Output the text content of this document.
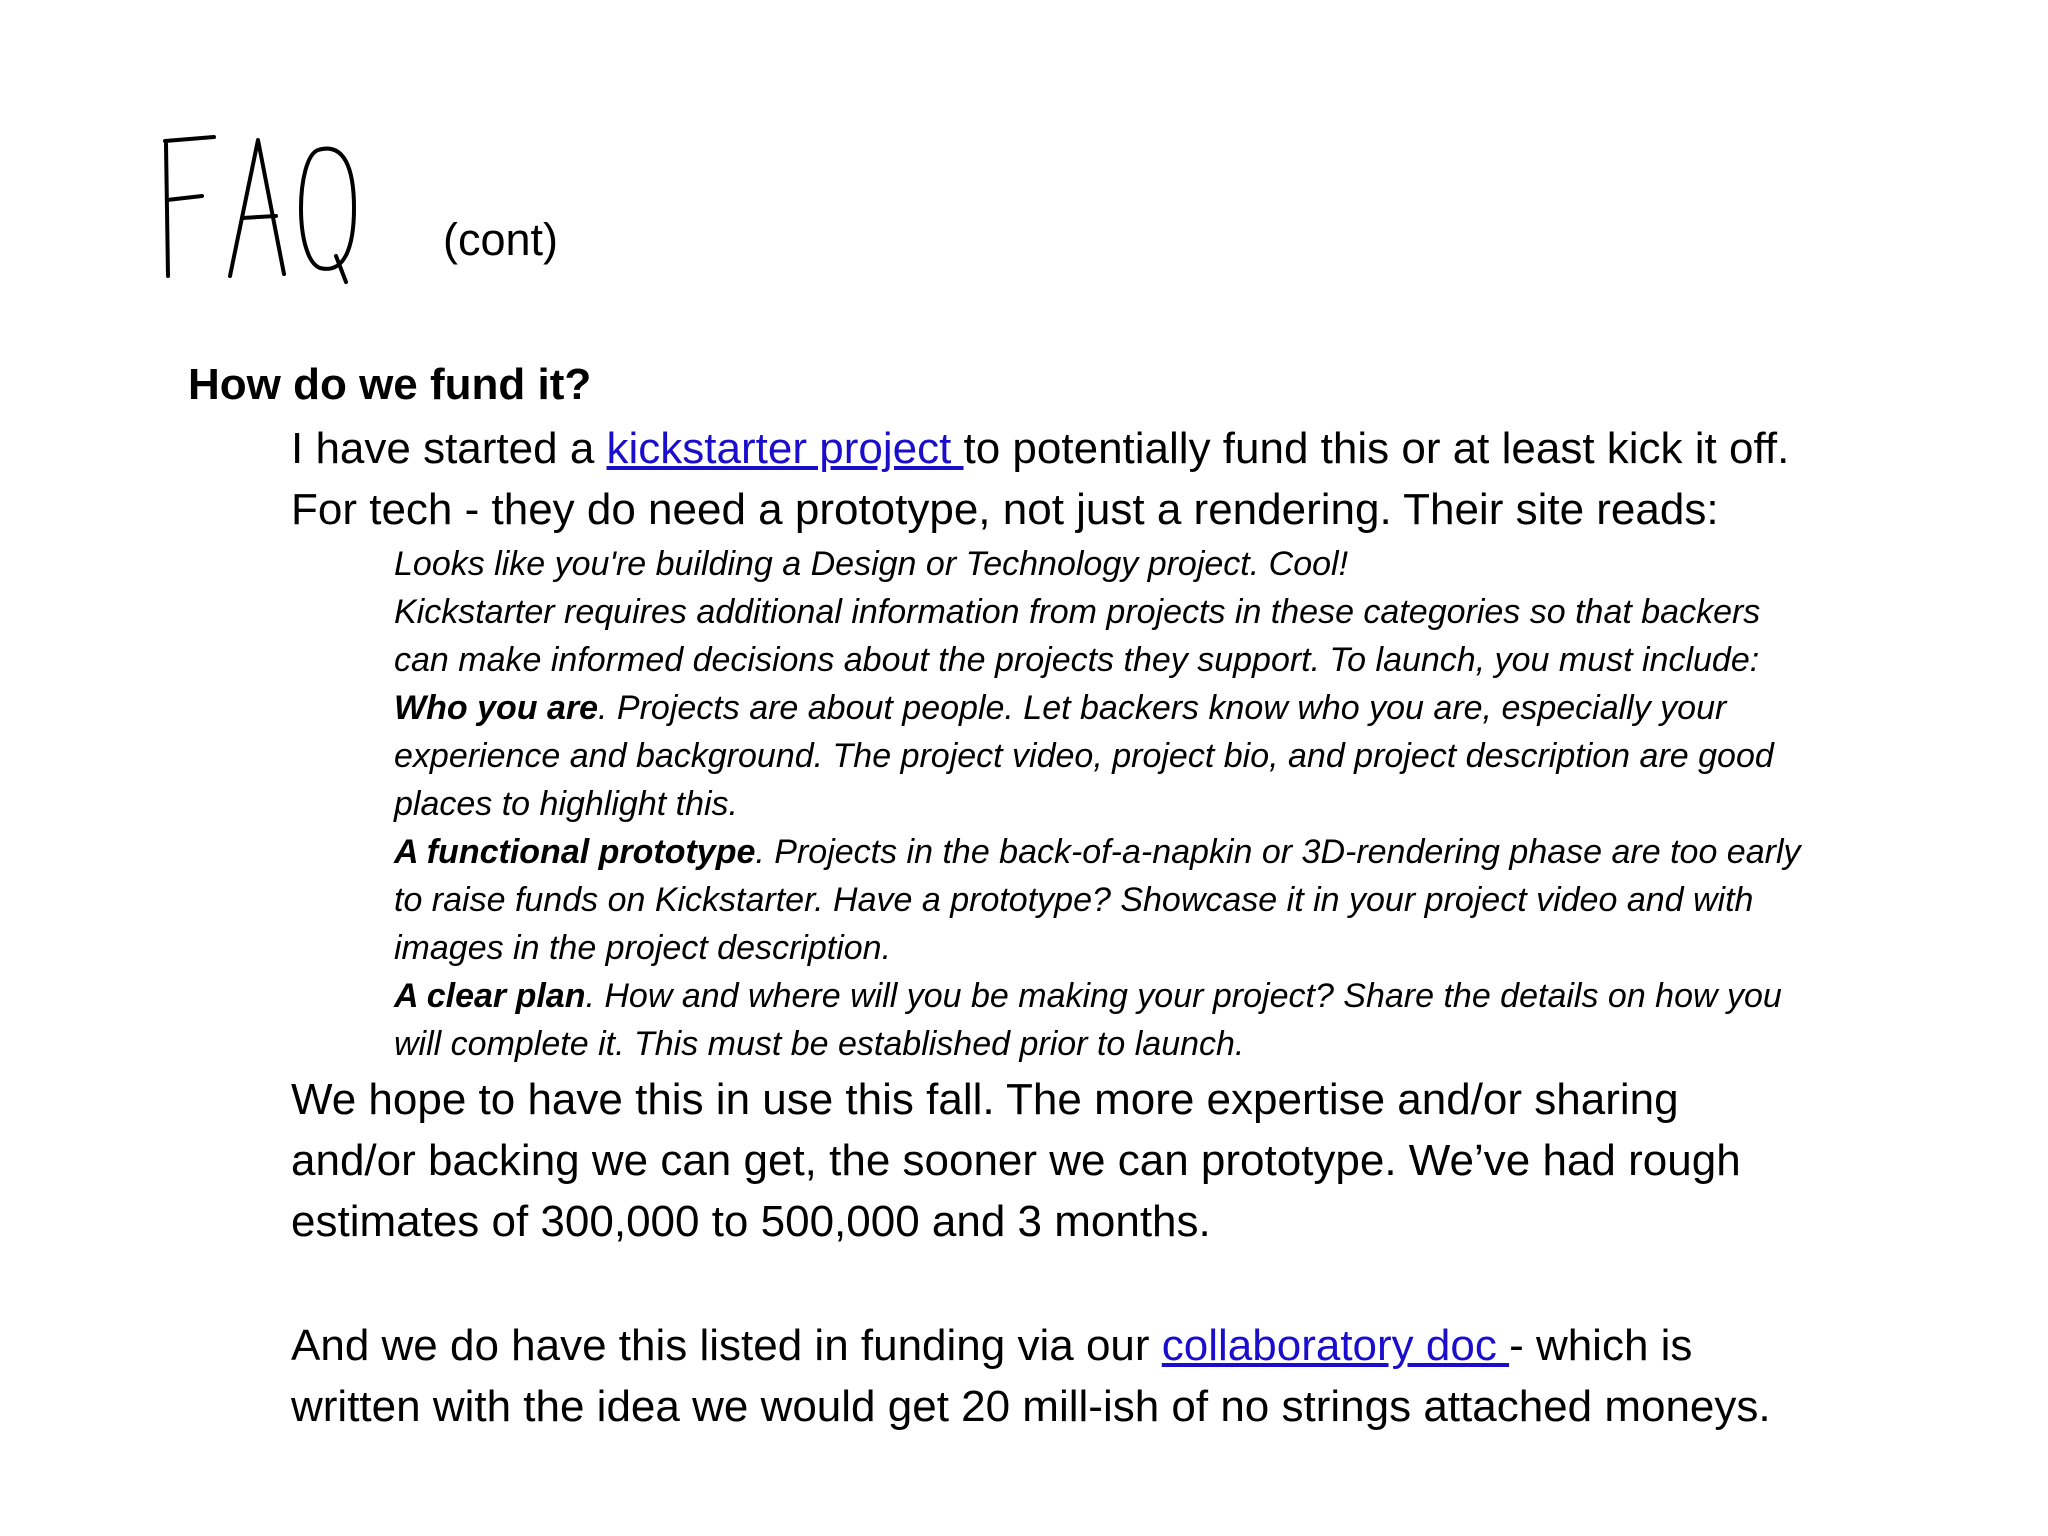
(cont)
How do we fund it?
I have started a kickstarter project to potentially fund this or at least kick it off.
For tech - they do need a prototype, not just a rendering. Their site reads:
Looks like you're building a Design or Technology project. Cool!
Kickstarter requires additional information from projects in these categories so that backers
can make informed decisions about the projects they support. To launch, you must include:
Who you are. Projects are about people. Let backers know who you are, especially your
experience and background. The project video, project bio, and project description are good
places to highlight this.
A functional prototype. Projects in the back-of-a-napkin or 3D-rendering phase are too early
to raise funds on Kickstarter. Have a prototype? Showcase it in your project video and with
images in the project description.
A clear plan. How and where will you be making your project? Share the details on how you
will complete it. This must be established prior to launch.
We hope to have this in use this fall. The more expertise and/or sharing
and/or backing we can get, the sooner we can prototype. We’ve had rough
estimates of 300,000 to 500,000 and 3 months.
And we do have this listed in funding via our collaboratory doc - which is
written with the idea we would get 20 mill-ish of no strings attached moneys.
